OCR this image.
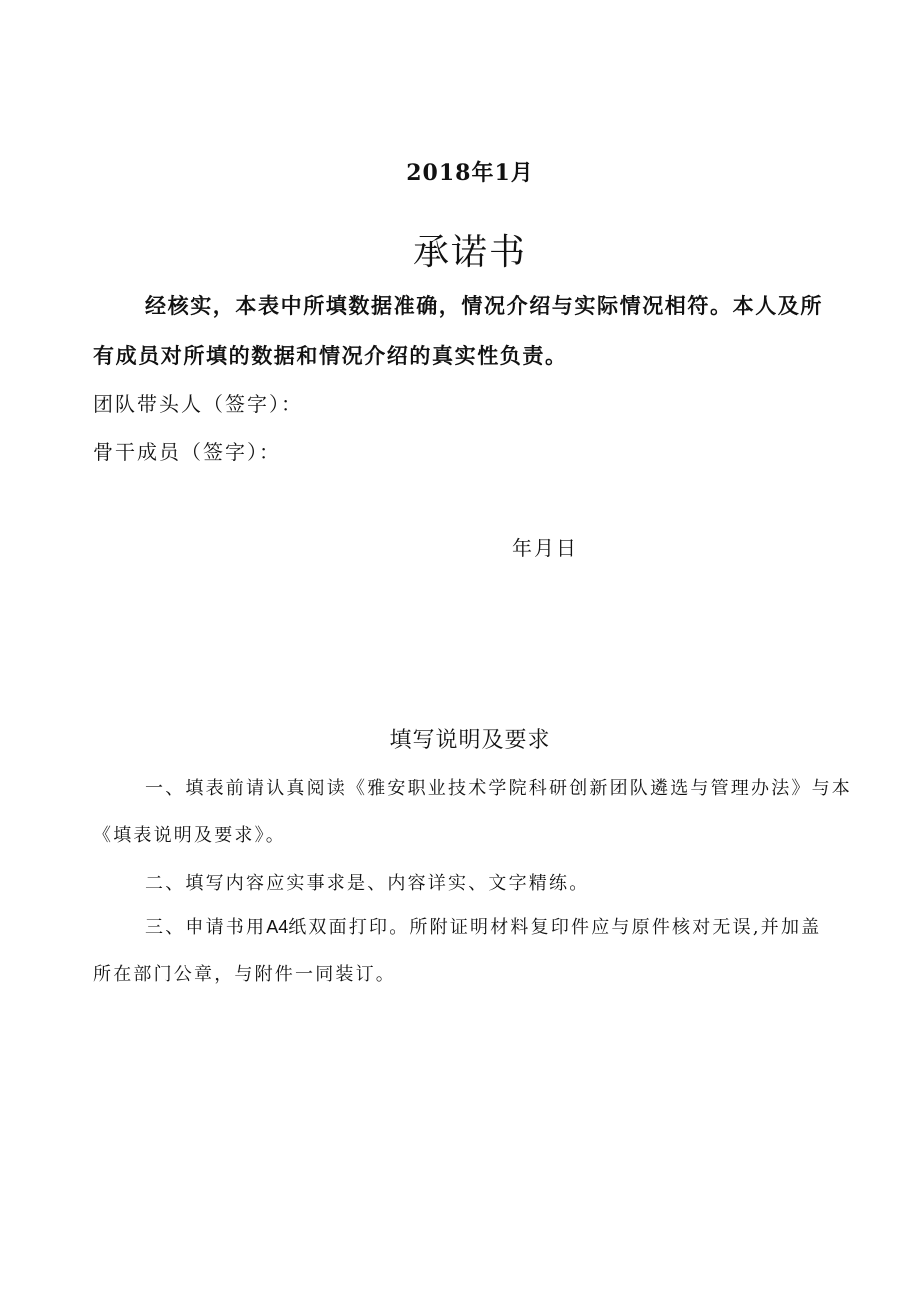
2018年1月
承诺书
经核实，本表中所填数据准确，情况介绍与实际情况相符。本人及所
有成员对所填的数据和情况介绍的真实性负责。
团队带头人（签字）：
骨干成员（签字）：
年月日
填写说明及要求
一、填表前请认真阅读《雅安职业技术学院科研创新团队遴选与管理办法》与本
《填表说明及要求》。
二、填写内容应实事求是、内容详实、文字精练。
三、申请书用A4纸双面打印。所附证明材料复印件应与原件核对无误,并加盖
所在部门公章，与附件一同装订。
